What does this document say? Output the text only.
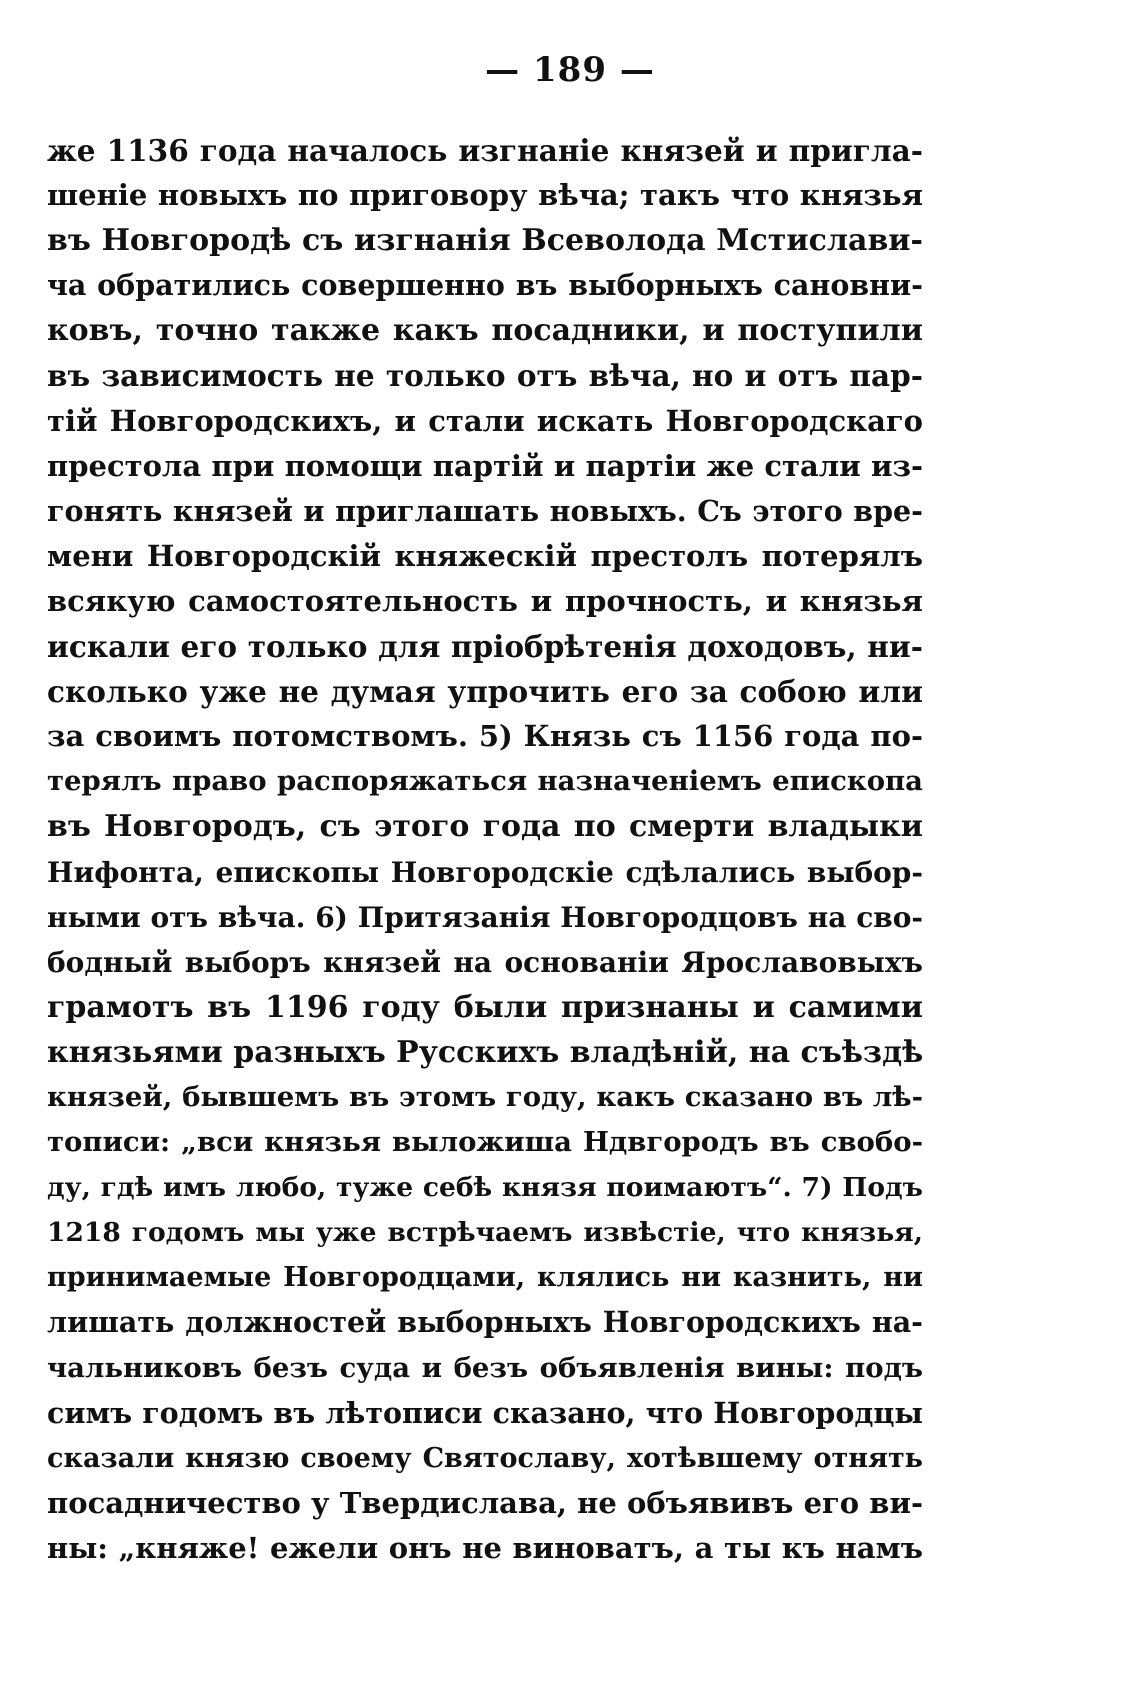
— 189 —
же 1136 года началось изгнаніе князей и пригла-
шеніе новыхъ по приговору вѣча; такъ что князья
въ Новгородѣ съ изгнанія Всеволода Мстислави-
ча обратились совершенно въ выборныхъ сановни-
ковъ, точно также какъ посадники, и поступили
въ зависимость не только отъ вѣча, но и отъ пар-
тій Новгородскихъ, и стали искать Новгородскаго
престола при помощи партій и партіи же стали из-
гонять князей и приглашать новыхъ. Съ этого вре-
мени Новгородскій княжескій престолъ потерялъ
всякую самостоятельность и прочность, и князья
искали его только для пріобрѣтенія доходовъ, ни-
сколько уже не думая упрочить его за собою или
за своимъ потомствомъ. 5) Князь съ 1156 года по-
терялъ право распоряжаться назначеніемъ епископа
въ Новгородъ, съ этого года по смерти владыки
Нифонта, епископы Новгородскіе сдѣлались выбор-
ными отъ вѣча. 6) Притязанія Новгородцовъ на сво-
бодный выборъ князей на основаніи Ярославовыхъ
грамотъ въ 1196 году были признаны и самими
князьями разныхъ Русскихъ владѣній, на съѣздѣ
князей, бывшемъ въ этомъ году, какъ сказано въ лѣ-
тописи: „вси князья выложиша Ндвгородъ въ свобо-
ду, гдѣ имъ любо, туже себѣ князя поимаютъ“. 7) Подъ
1218 годомъ мы уже встрѣчаемъ извѣстіе, что князья,
принимаемые Новгородцами, клялись ни казнить, ни
лишать должностей выборныхъ Новгородскихъ на-
чальниковъ безъ суда и безъ объявленія вины: подъ
симъ годомъ въ лѣтописи сказано, что Новгородцы
сказали князю своему Святославу, хотѣвшему отнять
посадничество у Твердислава, не объявивъ его ви-
ны: „княже! ежели онъ не виноватъ, а ты къ намъ
